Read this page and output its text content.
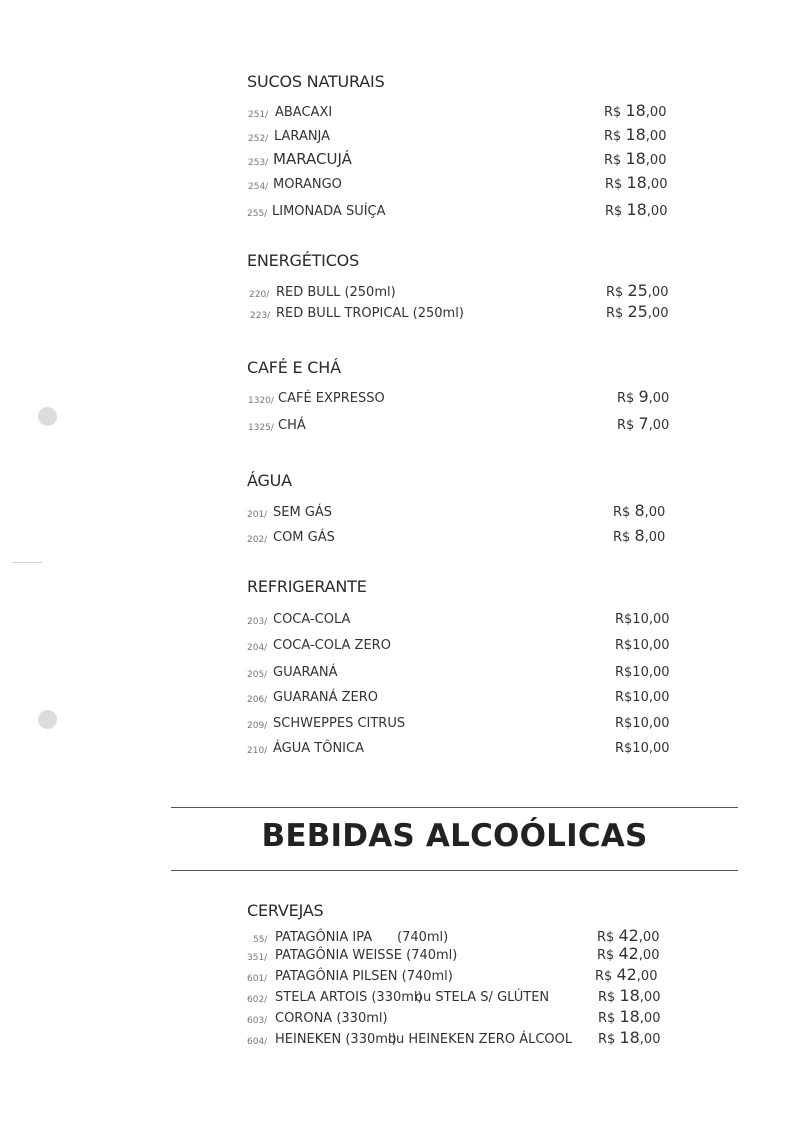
SUCOS NATURAIS
251/ ABACAXI	R$ 18,00
252/ LARANJA	R$ 18,00
253/ MARACUJÁ	R$ 18,00
254/ MORANGO	R$ 18,00
255/ LIMONADA SUÍÇA	R$ 18,00
ENERGÉTICOS
220/ RED BULL (250ml)	R$ 25,00
223/ RED BULL TROPICAL (250ml)	R$ 25,00
CAFÉ E CHÁ
1320/ CAFÉ EXPRESSO	R$ 9,00
1325/ CHÁ	R$ 7,00
ÁGUA
201/ SEM GÁS	R$ 8,00
202/ COM GÁS	R$ 8,00
REFRIGERANTE
203/ COCA-COLA	R$10,00
204/ COCA-COLA ZERO	R$10,00
205/ GUARANÁ	R$10,00
206/ GUARANÁ ZERO	R$10,00
209/ SCHWEPPES CITRUS	R$10,00
210/ ÁGUA TÔNICA	R$10,00
BEBIDAS ALCOÓLICAS
CERVEJAS
55/ PATAGÔNIA IPA (740ml)	R$ 42,00
351/ PATAGÔNIA WEISSE (740ml)	R$ 42,00
601/ PATAGÔNIA PILSEN (740ml)	R$ 42,00
602/ STELA ARTOIS (330ml)
ou STELA S/ GLÚTEN	R$ 18,00
603/ CORONA (330ml)	R$ 18,00
604/ HEINEKEN (330ml)
ou HEINEKEN ZERO ÁLCOOL R$ 18,00
